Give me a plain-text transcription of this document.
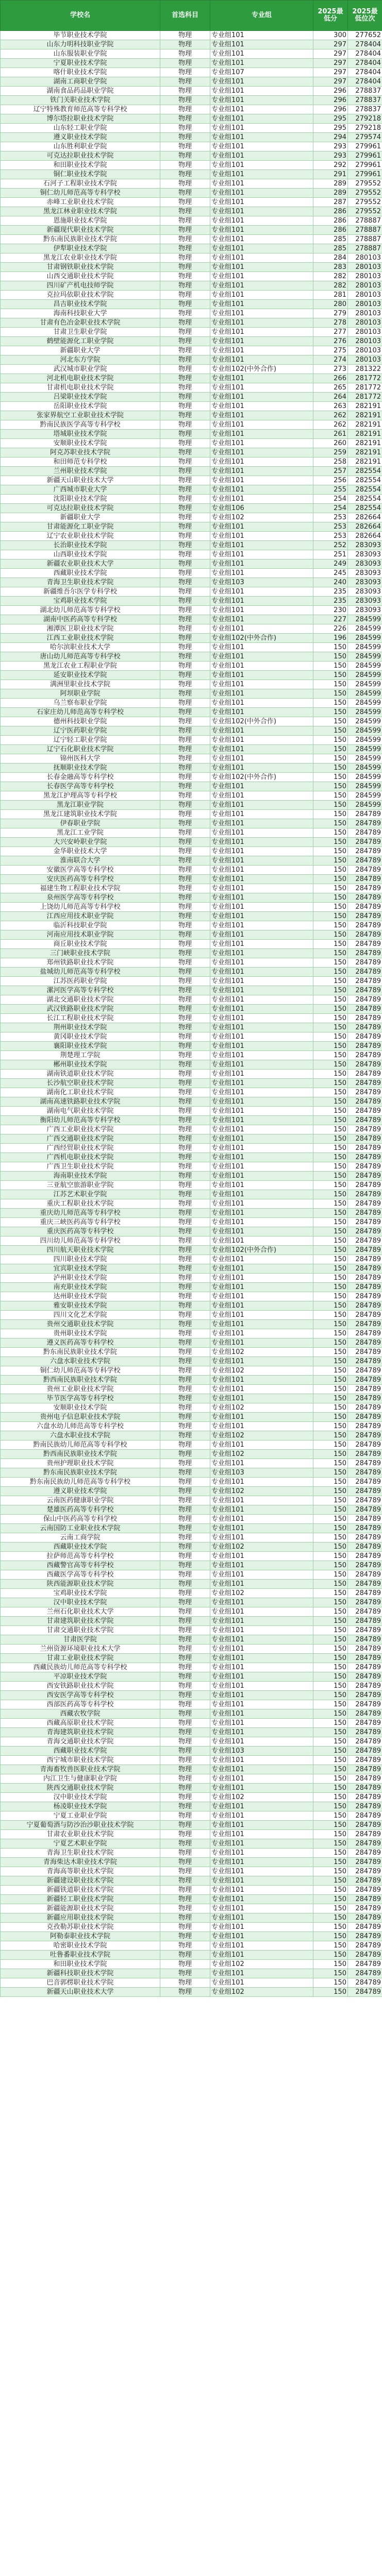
学校名	首选科目	专业组	2025最低分	2025最低位次
毕节职业技术学院	物理	专业组101	300	277652
山东力明科技职业学院	物理	专业组101	297	278404
山东服装职业学院	物理	专业组101	297	278404
宁夏职业技术学院	物理	专业组101	297	278404
喀什职业技术学院	物理	专业组107	297	278404
湖南工商职业学院	物理	专业组101	297	278404
湖南食品药品职业学院	物理	专业组101	296	278837
铁门关职业技术学院	物理	专业组101	296	278837
辽宁特殊教育师范高等专科学校	物理	专业组101	296	278837
博尔塔拉职业技术学院	物理	专业组101	295	279218
山东轻工职业学院	物理	专业组101	295	279218
遵义职业技术学院	物理	专业组101	294	279574
山东胜利职业学院	物理	专业组101	293	279961
可克达拉职业技术学院	物理	专业组101	293	279961
和田职业技术学院	物理	专业组101	292	279961
铜仁职业技术学院	物理	专业组101	291	279961
石河子工程职业技术学院	物理	专业组101	289	279552
铜仁幼儿师范高等专科学校	物理	专业组101	289	279552
赤峰工业职业技术学院	物理	专业组101	287	279552
黑龙江林业职业技术学院	物理	专业组101	286	279552
恩施职业技术学院	物理	专业组101	286	278887
新疆现代职业技术学院	物理	专业组101	286	278887
黔东南民族职业技术学院	物理	专业组101	285	278887
伊犁职业技术学院	物理	专业组101	285	278887
黑龙江农业职业技术学院	物理	专业组101	284	280103
甘肃钢铁职业技术学院	物理	专业组101	283	280103
山西交通职业技术学院	物理	专业组101	282	280103
四川矿产机电技师学院	物理	专业组101	282	280103
克拉玛依职业技术学院	物理	专业组101	281	280103
昌吉职业技术学院	物理	专业组101	280	280103
海南科技职业大学	物理	专业组101	279	280103
甘肃有色冶金职业技术学院	物理	专业组101	278	280103
甘肃卫生职业学院	物理	专业组101	277	280103
鹤壁能源化工职业学院	物理	专业组101	276	280103
新疆职业大学	物理	专业组101	275	280103
河北东方学院	物理	专业组101	274	280103
武汉城市职业学院	物理	专业组102(中外合作)	273	281322
河北机电职业技术学院	物理	专业组101	266	281772
甘肃机电职业技术学院	物理	专业组101	265	281772
吕梁职业技术学院	物理	专业组101	264	281772
岳阳职业技术学院	物理	专业组101	263	282191
张家界航空工业职业技术学院	物理	专业组101	262	282191
黔南民族医学高等专科学校	物理	专业组101	262	282191
塔城职业技术学院	物理	专业组101	261	282191
安顺职业技术学院	物理	专业组101	260	282191
阿克苏职业技术学院	物理	专业组101	259	282191
和田师范专科学校	物理	专业组101	258	282191
兰州职业技术学院	物理	专业组101	257	282554
新疆天山职业技术大学	物理	专业组101	256	282554
广西城市职业大学	物理	专业组101	255	282554
沈阳职业技术学院	物理	专业组101	254	282554
可克达拉职业技术学院	物理	专业组106	254	282554
新疆职业大学	物理	专业组102	253	282664
甘肃能源化工职业学院	物理	专业组101	253	282664
辽宁农业职业技术学院	物理	专业组101	253	282664
长治职业技术学院	物理	专业组101	252	283093
山西职业技术学院	物理	专业组101	251	283093
新疆农业职业技术大学	物理	专业组101	249	283093
西藏职业技术学院	物理	专业组101	245	283093
青海卫生职业技术学院	物理	专业组103	240	283093
新疆维吾尔医学专科学校	物理	专业组101	235	283093
宝鸡职业技术学院	物理	专业组101	235	283093
湖北幼儿师范高等专科学校	物理	专业组101	230	283093
湖南中医药高等专科学校	物理	专业组101	227	284599
湘潭医卫职业技术学院	物理	专业组101	226	284599
江西工业职业技术学院	物理	专业组102(中外合作)	196	284599
哈尔滨职业技术大学	物理	专业组101	150	284599
唐山幼儿师范高等专科学校	物理	专业组101	150	284599
黑龙江农业工程职业学院	物理	专业组101	150	284599
延安职业技术学院	物理	专业组101	150	284599
满洲里职业技术学院	物理	专业组101	150	284599
阿坝职业学院	物理	专业组101	150	284599
乌兰察布职业学院	物理	专业组101	150	284599
石家庄幼儿师范高等专科学校	物理	专业组101	150	284599
德州科技职业学院	物理	专业组102(中外合作)	150	284599
辽宁医药职业学院	物理	专业组101	150	284599
辽宁轻工职业学院	物理	专业组101	150	284599
辽宁石化职业技术学院	物理	专业组101	150	284599
锦州医科大学	物理	专业组101	150	284599
抚顺职业技术学院	物理	专业组101	150	284599
长春金融高等专科学校	物理	专业组102(中外合作)	150	284599
长春医学高等专科学校	物理	专业组101	150	284599
黑龙江护理高等专科学校	物理	专业组101	150	284599
黑龙江职业学院	物理	专业组101	150	284599
黑龙江建筑职业技术学院	物理	专业组101	150	284789
伊春职业学院	物理	专业组101	150	284789
黑龙江工业学院	物理	专业组101	150	284789
大兴安岭职业学院	物理	专业组101	150	284789
金华职业技术大学	物理	专业组101	150	284789
淮南联合大学	物理	专业组101	150	284789
安徽医学高等专科学校	物理	专业组101	150	284789
安庆医药高等专科学校	物理	专业组101	150	284789
福建生物工程职业技术学院	物理	专业组101	150	284789
泉州医学高等专科学校	物理	专业组101	150	284789
上饶幼儿师范高等专科学校	物理	专业组101	150	284789
江西应用技术职业学院	物理	专业组101	150	284789
临沂科技职业学院	物理	专业组101	150	284789
河南应用技术职业学院	物理	专业组101	150	284789
商丘职业技术学院	物理	专业组101	150	284789
三门峡职业技术学院	物理	专业组101	150	284789
郑州铁路职业技术学院	物理	专业组101	150	284789
盐城幼儿师范高等专科学校	物理	专业组101	150	284789
江苏医药职业学院	物理	专业组101	150	284789
漯河医学高等专科学校	物理	专业组101	150	284789
湖北交通职业技术学院	物理	专业组101	150	284789
武汉铁路职业技术学院	物理	专业组101	150	284789
长江工程职业技术学院	物理	专业组101	150	284789
荆州职业技术学院	物理	专业组101	150	284789
黄冈职业技术学院	物理	专业组101	150	284789
襄阳职业技术学院	物理	专业组101	150	284789
荆楚理工学院	物理	专业组101	150	284789
郴州职业技术学院	物理	专业组101	150	284789
湖南铁道职业技术学院	物理	专业组101	150	284789
长沙航空职业技术学院	物理	专业组101	150	284789
湖南化工职业技术学院	物理	专业组101	150	284789
湖南高速铁路职业技术学院	物理	专业组101	150	284789
湖南电气职业技术学院	物理	专业组101	150	284789
衡阳幼儿师范高等专科学校	物理	专业组101	150	284789
广西工业职业技术学院	物理	专业组101	150	284789
广西交通职业技术学院	物理	专业组101	150	284789
广西经贸职业技术学院	物理	专业组101	150	284789
广西机电职业技术学院	物理	专业组101	150	284789
广西卫生职业技术学院	物理	专业组101	150	284789
海南职业技术学院	物理	专业组101	150	284789
三亚航空旅游职业学院	物理	专业组101	150	284789
江苏艺术职业学院	物理	专业组101	150	284789
重庆工程职业技术学院	物理	专业组101	150	284789
重庆幼儿师范高等专科学校	物理	专业组101	150	284789
重庆三峡医药高等专科学校	物理	专业组101	150	284789
重庆医药高等专科学校	物理	专业组101	150	284789
四川幼儿师范高等专科学校	物理	专业组101	150	284789
四川航天职业技术学院	物理	专业组102(中外合作)	150	284789
四川职业技术学院	物理	专业组101	150	284789
宜宾职业技术学院	物理	专业组101	150	284789
泸州职业技术学院	物理	专业组101	150	284789
南充职业技术学院	物理	专业组101	150	284789
达州职业技术学院	物理	专业组101	150	284789
雅安职业技术学院	物理	专业组101	150	284789
四川文化艺术学院	物理	专业组101	150	284789
贵州交通职业技术学院	物理	专业组101	150	284789
贵州职业技术学院	物理	专业组101	150	284789
遵义医药高等专科学校	物理	专业组101	150	284789
黔东南民族职业技术学院	物理	专业组102	150	284789
六盘水职业技术学院	物理	专业组101	150	284789
铜仁幼儿师范高等专科学校	物理	专业组102	150	284789
黔西南民族职业技术学院	物理	专业组101	150	284789
贵州工业职业技术学院	物理	专业组101	150	284789
毕节医学高等专科学校	物理	专业组101	150	284789
安顺职业技术学院	物理	专业组102	150	284789
贵州电子信息职业技术学院	物理	专业组101	150	284789
六盘水幼儿师范高等专科学校	物理	专业组101	150	284789
六盘水职业技术学院	物理	专业组102	150	284789
黔南民族幼儿师范高等专科学校	物理	专业组101	150	284789
黔西南民族职业技术学院	物理	专业组102	150	284789
贵州护理职业技术学院	物理	专业组101	150	284789
黔东南民族职业技术学院	物理	专业组103	150	284789
黔东南民族幼儿师范高等专科学校	物理	专业组101	150	284789
遵义职业技术学院	物理	专业组102	150	284789
云南医药健康职业学院	物理	专业组101	150	284789
楚雄医药高等专科学校	物理	专业组101	150	284789
保山中医药高等专科学校	物理	专业组101	150	284789
云南国防工业职业技术学院	物理	专业组101	150	284789
云南工商学院	物理	专业组101	150	284789
西藏职业技术学院	物理	专业组102	150	284789
拉萨师范高等专科学校	物理	专业组101	150	284789
西藏警官高等专科学校	物理	专业组101	150	284789
西藏医学高等专科学校	物理	专业组101	150	284789
陕西能源职业技术学院	物理	专业组101	150	284789
宝鸡职业技术学院	物理	专业组102	150	284789
汉中职业技术学院	物理	专业组101	150	284789
兰州石化职业技术大学	物理	专业组101	150	284789
甘肃建筑职业技术学院	物理	专业组101	150	284789
甘肃交通职业技术学院	物理	专业组101	150	284789
甘肃医学院	物理	专业组101	150	284789
兰州资源环境职业技术大学	物理	专业组101	150	284789
甘肃工业职业技术学院	物理	专业组101	150	284789
西藏民族幼儿师范高等专科学校	物理	专业组101	150	284789
平凉职业技术学院	物理	专业组101	150	284789
西安铁路职业技术学院	物理	专业组101	150	284789
西安医学高等专科学校	物理	专业组101	150	284789
西部医药高等专科学校	物理	专业组101	150	284789
西藏农牧学院	物理	专业组101	150	284789
西藏高原职业技术学院	物理	专业组101	150	284789
青海建筑职业技术学院	物理	专业组101	150	284789
青海交通职业技术学院	物理	专业组101	150	284789
西藏职业技术学院	物理	专业组103	150	284789
西宁城市职业技术学院	物理	专业组101	150	284789
青海畜牧兽医职业技术学院	物理	专业组101	150	284789
内江卫生与健康职业学院	物理	专业组101	150	284789
陕西交通职业技术学院	物理	专业组101	150	284789
汉中职业技术学院	物理	专业组102	150	284789
杨凌职业技术学院	物理	专业组101	150	284789
宁夏工业职业学院	物理	专业组101	150	284789
宁夏葡萄酒与防沙治沙职业技术学院	物理	专业组101	150	284789
甘肃农业职业技术学院	物理	专业组101	150	284789
宁夏艺术职业学院	物理	专业组101	150	284789
青海卫生职业技术学院	物理	专业组101	150	284789
青海柴达木职业技术学院	物理	专业组101	150	284789
青海高等职业技术学院	物理	专业组101	150	284789
新疆建设职业技术学院	物理	专业组101	150	284789
新疆铁道职业技术学院	物理	专业组101	150	284789
新疆轻工职业技术学院	物理	专业组101	150	284789
新疆能源职业技术学院	物理	专业组101	150	284789
新疆应用职业技术学院	物理	专业组101	150	284789
克孜勒苏职业技术学院	物理	专业组101	150	284789
阿勒泰职业技术学院	物理	专业组101	150	284789
哈密职业技术学院	物理	专业组101	150	284789
吐鲁番职业技术学院	物理	专业组101	150	284789
和田职业技术学院	物理	专业组102	150	284789
新疆科技职业技术学院	物理	专业组101	150	284789
巴音郭楞职业技术学院	物理	专业组101	150	284789
新疆天山职业技术大学	物理	专业组102	150	284789
